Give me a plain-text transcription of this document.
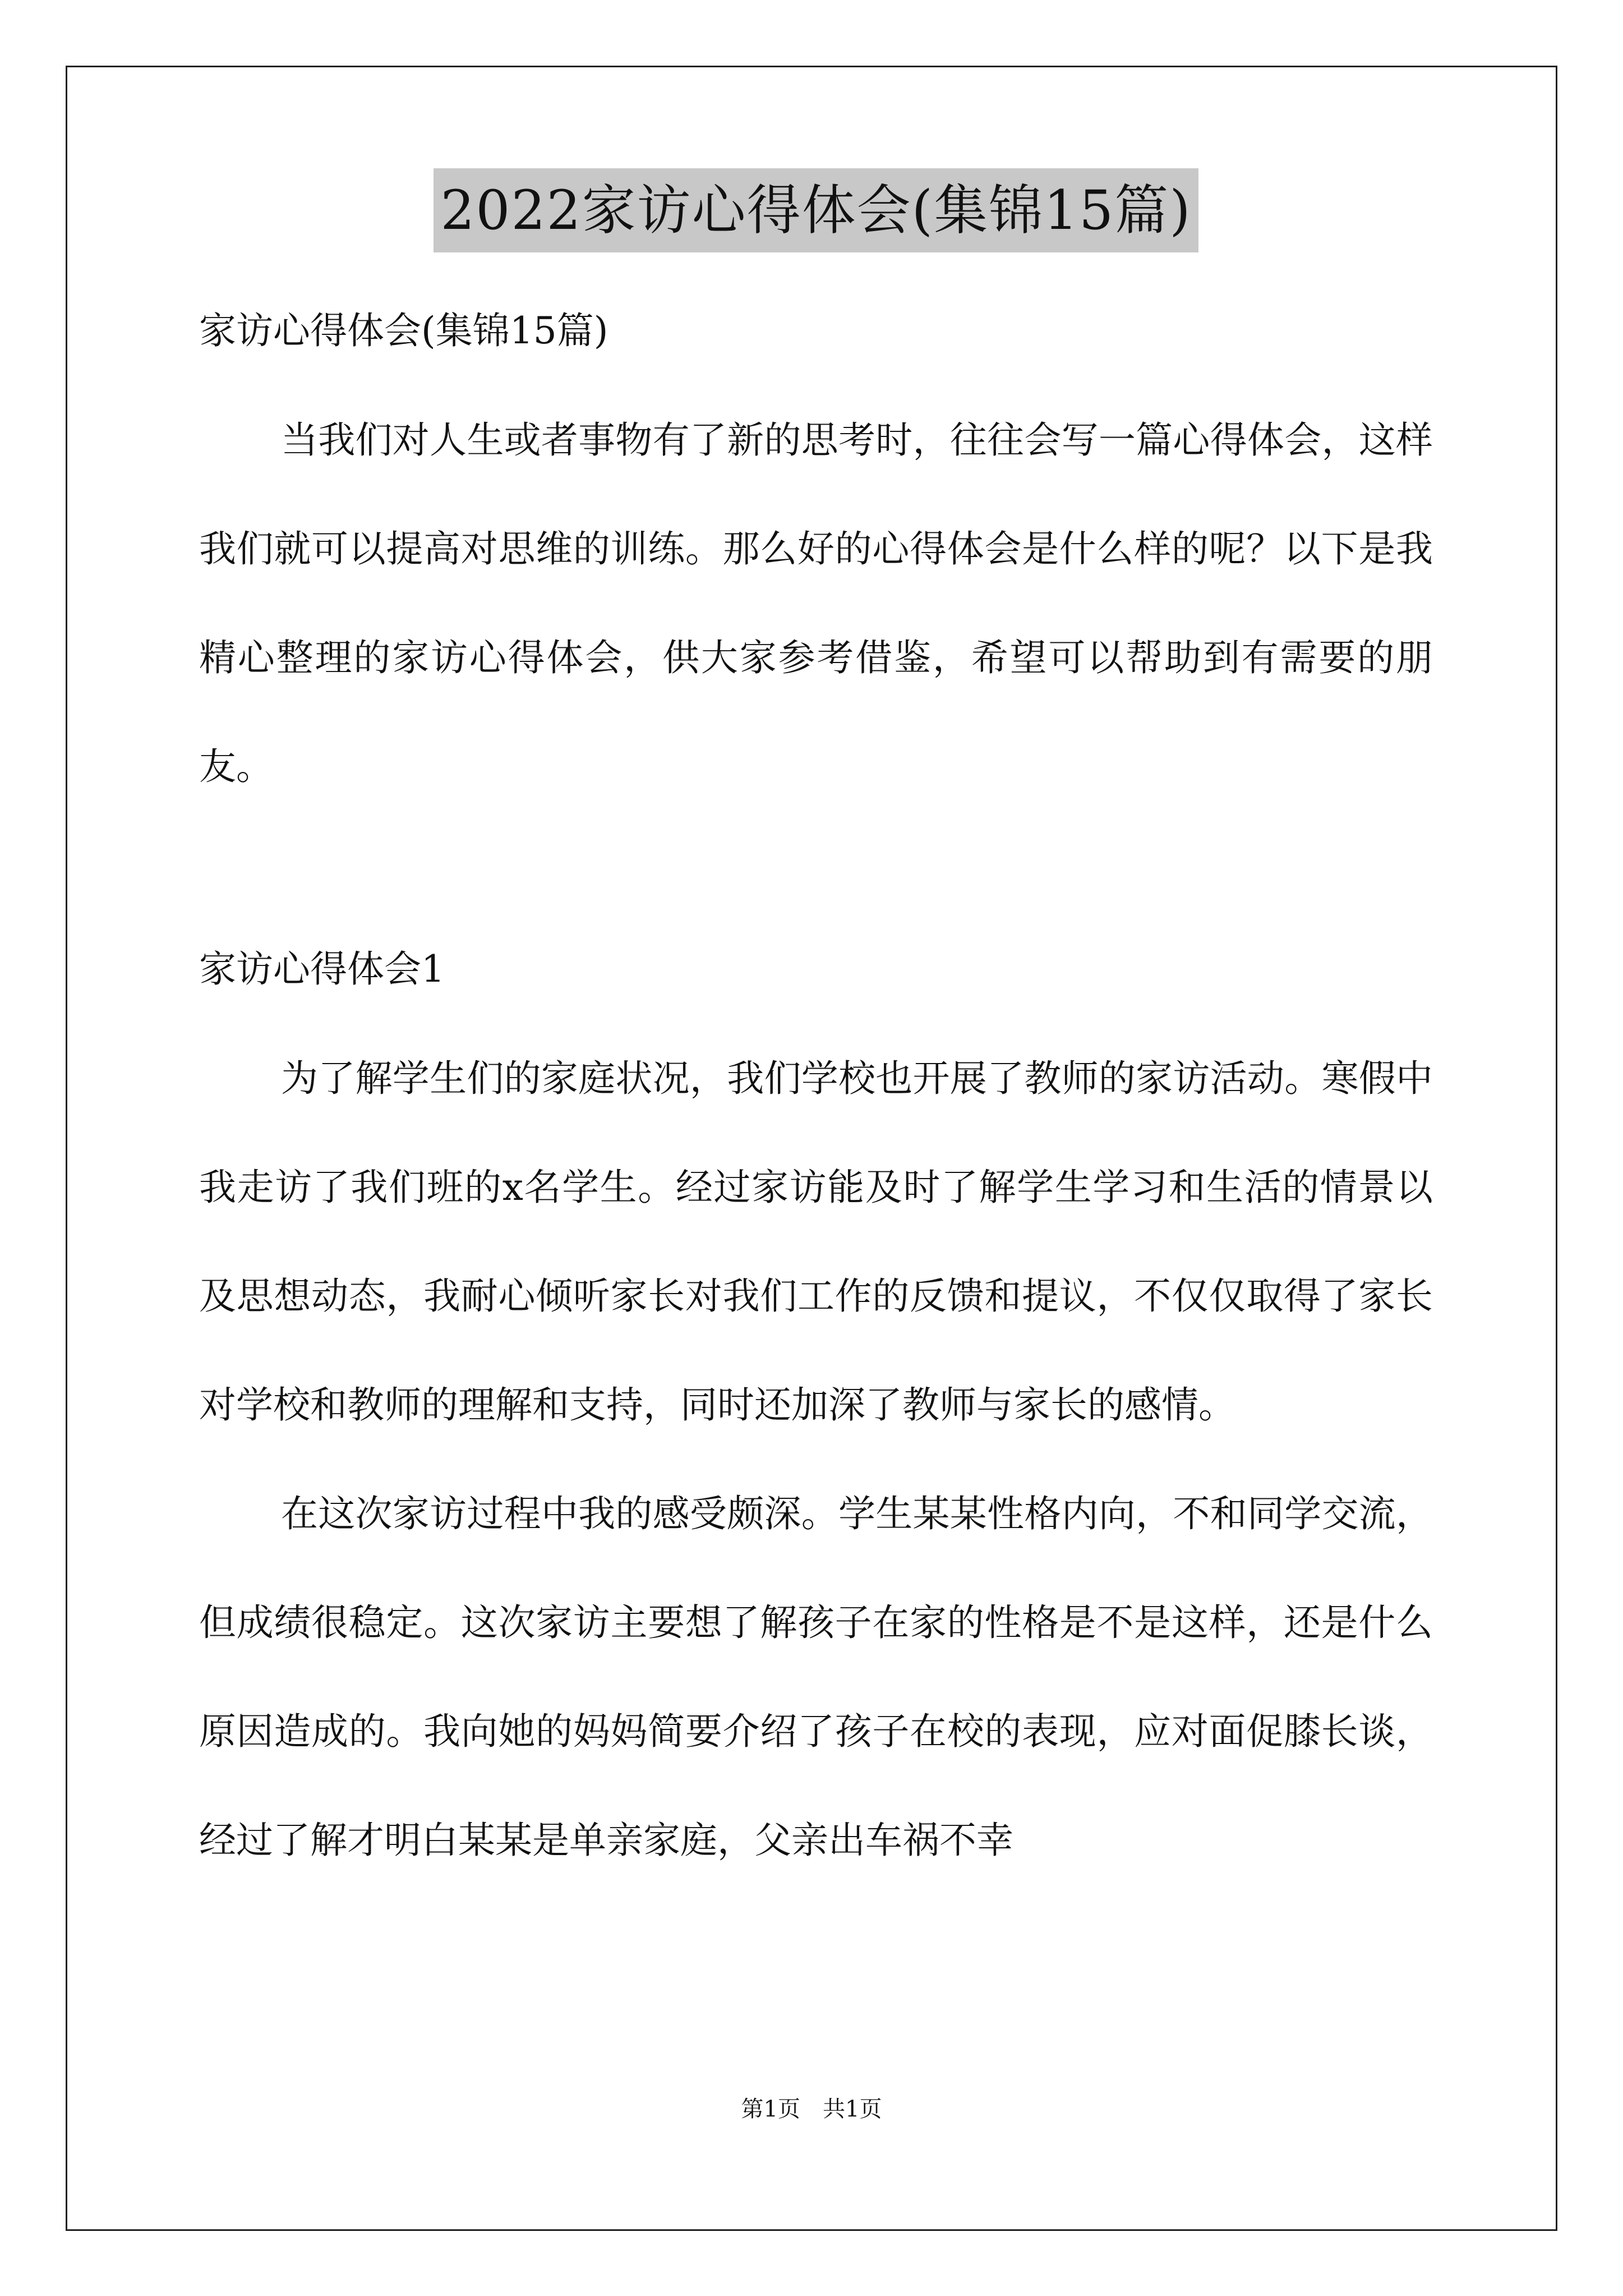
2022家访心得体会(集锦15篇)
家访心得体会(集锦15篇)

当我们对人生或者事物有了新的思考时，往往会写一篇心得体会，这样我们就可以提高对思维的训练。那么好的心得体会是什么样的呢？以下是我精心整理的家访心得体会，供大家参考借鉴，希望可以帮助到有需要的朋友。

家访心得体会1

为了解学生们的家庭状况，我们学校也开展了教师的家访活动。寒假中我走访了我们班的x名学生。经过家访能及时了解学生学习和生活的情景以及思想动态，我耐心倾听家长对我们工作的反馈和提议，不仅仅取得了家长对学校和教师的理解和支持，同时还加深了教师与家长的感情。

在这次家访过程中我的感受颇深。学生某某性格内向，不和同学交流，但成绩很稳定。这次家访主要想了解孩子在家的性格是不是这样，还是什么原因造成的。我向她的妈妈简要介绍了孩子在校的表现，应对面促膝长谈，经过了解才明白某某是单亲家庭，父亲出车祸不幸

第1页　共1页
